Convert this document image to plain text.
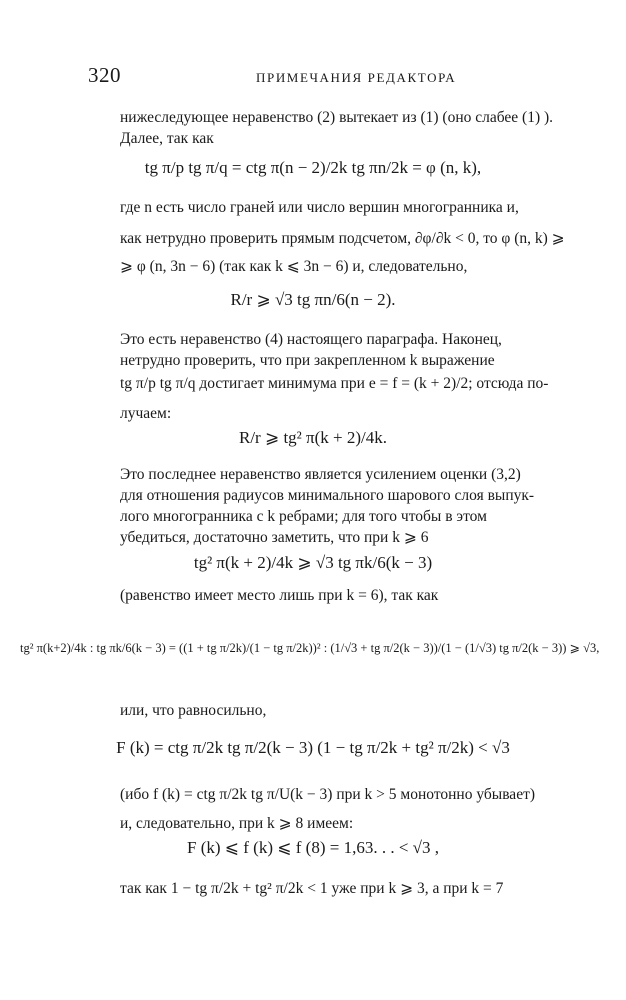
320	ПРИМЕЧАНИЯ РЕДАКТОРА
нижеследующее неравенство (2) вытекает из (1) (оно слабее (1) ).
Далее, так как
tg π/p tg π/q = ctg π(n − 2)/2k tg πn/2k = φ (n, k),
где n есть число граней или число вершин многогранника и,
как нетрудно проверить прямым подсчетом, ∂φ/∂k < 0, то φ (n, k) ⩾
⩾ φ (n, 3n − 6) (так как k ⩽ 3n − 6) и, следовательно,
R/r ⩾ √3 tg πn/6(n − 2).
Это есть неравенство (4) настоящего параграфа. Наконец,
нетрудно проверить, что при закрепленном k выражение
tg π/p tg π/q достигает минимума при e = f = (k + 2)/2; отсюда по-
лучаем:
R/r ⩾ tg² π(k + 2)/4k.
Это последнее неравенство является усилением оценки (3,2)
для отношения радиусов минимального шарового слоя выпук-
лого многогранника с k ребрами; для того чтобы в этом
убедиться, достаточно заметить, что при k ⩾ 6
tg² π(k + 2)/4k ⩾ √3 tg πk/6(k − 3)
(равенство имеет место лишь при k = 6), так как
tg² π(k+2)/4k : tg πk/6(k − 3) = ((1 + tg π/2k)/(1 − tg π/2k))² : (1/√3 + tg π/2(k − 3))/(1 − (1/√3) tg π/2(k − 3)) ⩾ √3,
или, что равносильно,
F (k) = ctg π/2k tg π/2(k − 3) (1 − tg π/2k + tg² π/2k) < √3
(ибо f (k) = ctg π/2k tg π/U(k − 3) при k > 5 монотонно убывает)
и, следовательно, при k ⩾ 8 имеем:
F (k) ⩽ f (k) ⩽ f (8) = 1,63. . . < √3 ,
так как 1 − tg π/2k + tg² π/2k < 1 уже при k ⩾ 3, а при k = 7
